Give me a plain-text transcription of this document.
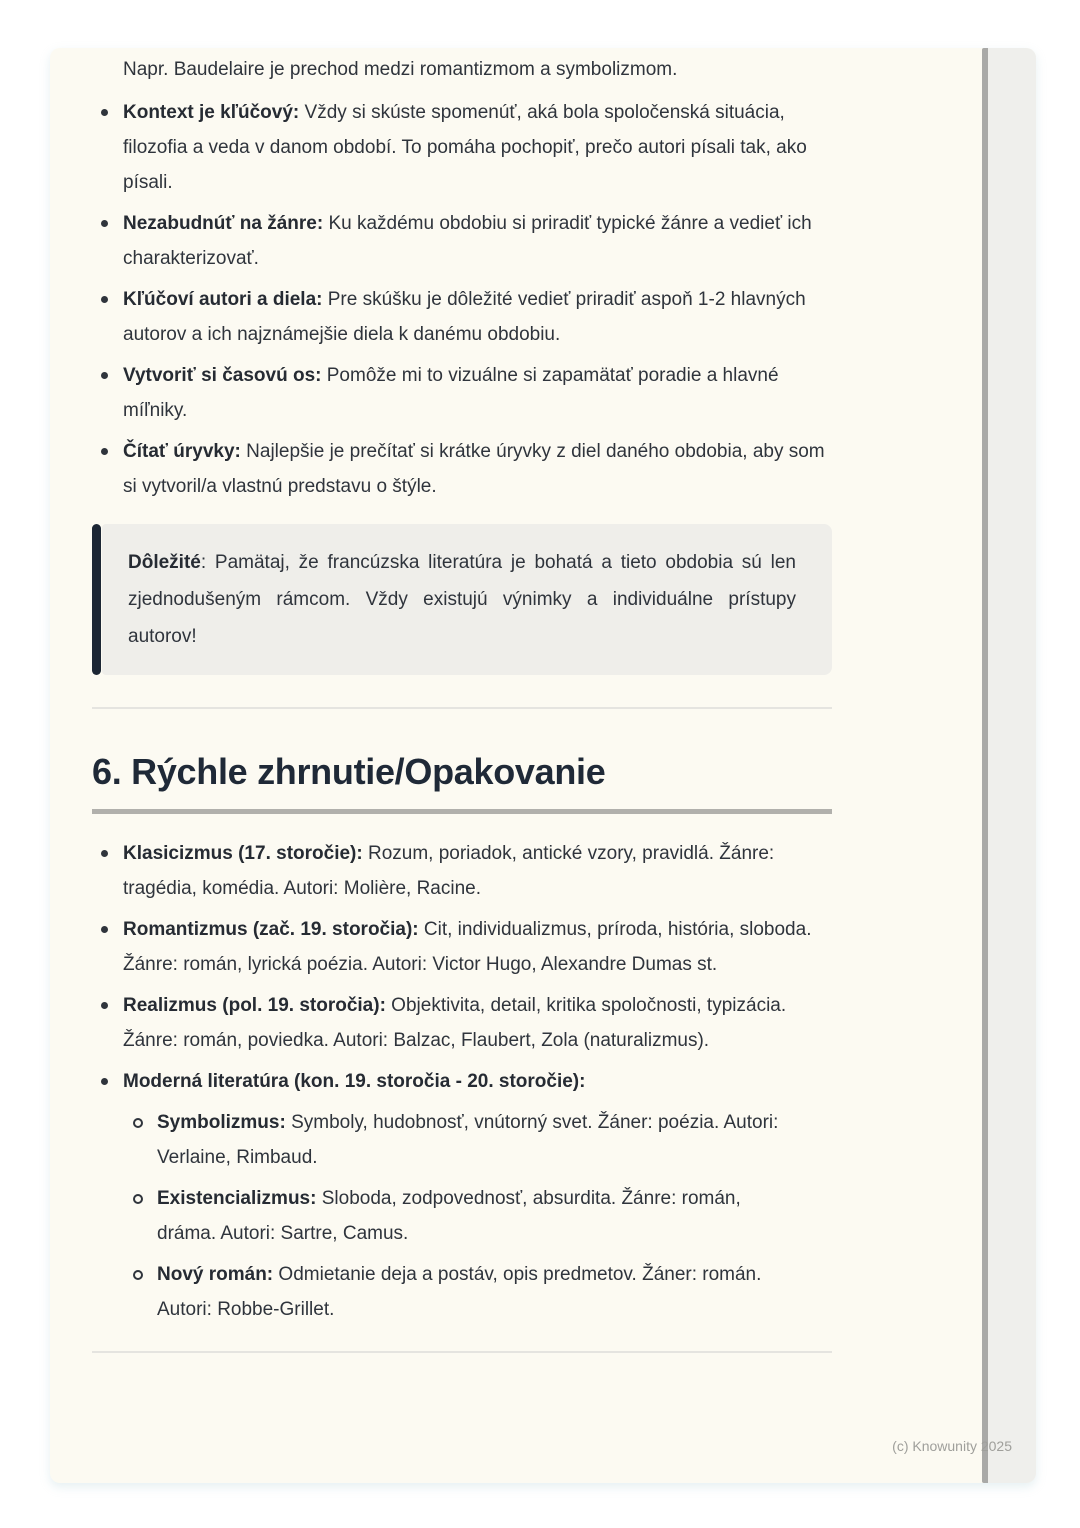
Napr. Baudelaire je prechod medzi romantizmom a symbolizmom.

Kontext je kľúčový: Vždy si skúste spomenúť, aká bola spoločenská situácia, filozofia a veda v danom období. To pomáha pochopiť, prečo autori písali tak, ako písali.

Nezabudnúť na žánre: Ku každému obdobiu si priradiť typické žánre a vedieť ich charakterizovať.

Kľúčoví autori a diela: Pre skúšku je dôležité vedieť priradiť aspoň 1-2 hlavných autorov a ich najznámejšie diela k danému obdobiu.

Vytvoriť si časovú os: Pomôže mi to vizuálne si zapamätať poradie a hlavné míľniky.

Čítať úryvky: Najlepšie je prečítať si krátke úryvky z diel daného obdobia, aby som si vytvoril/a vlastnú predstavu o štýle.

Dôležité: Pamätaj, že francúzska literatúra je bohatá a tieto obdobia sú len zjednodušeným rámcom. Vždy existujú výnimky a individuálne prístupy autorov!

6. Rýchle zhrnutie/Opakovanie

Klasicizmus (17. storočie): Rozum, poriadok, antické vzory, pravidlá. Žánre: tragédia, komédia. Autori: Molière, Racine.

Romantizmus (zač. 19. storočia): Cit, individualizmus, príroda, história, sloboda. Žánre: román, lyrická poézia. Autori: Victor Hugo, Alexandre Dumas st.

Realizmus (pol. 19. storočia): Objektivita, detail, kritika spoločnosti, typizácia. Žánre: román, poviedka. Autori: Balzac, Flaubert, Zola (naturalizmus).

Moderná literatúra (kon. 19. storočia - 20. storočie):

Symbolizmus: Symboly, hudobnosť, vnútorný svet. Žáner: poézia. Autori: Verlaine, Rimbaud.

Existencializmus: Sloboda, zodpovednosť, absurdita. Žánre: román, dráma. Autori: Sartre, Camus.

Nový román: Odmietanie deja a postáv, opis predmetov. Žáner: román. Autori: Robbe-Grillet.

(c) Knowunity 2025
